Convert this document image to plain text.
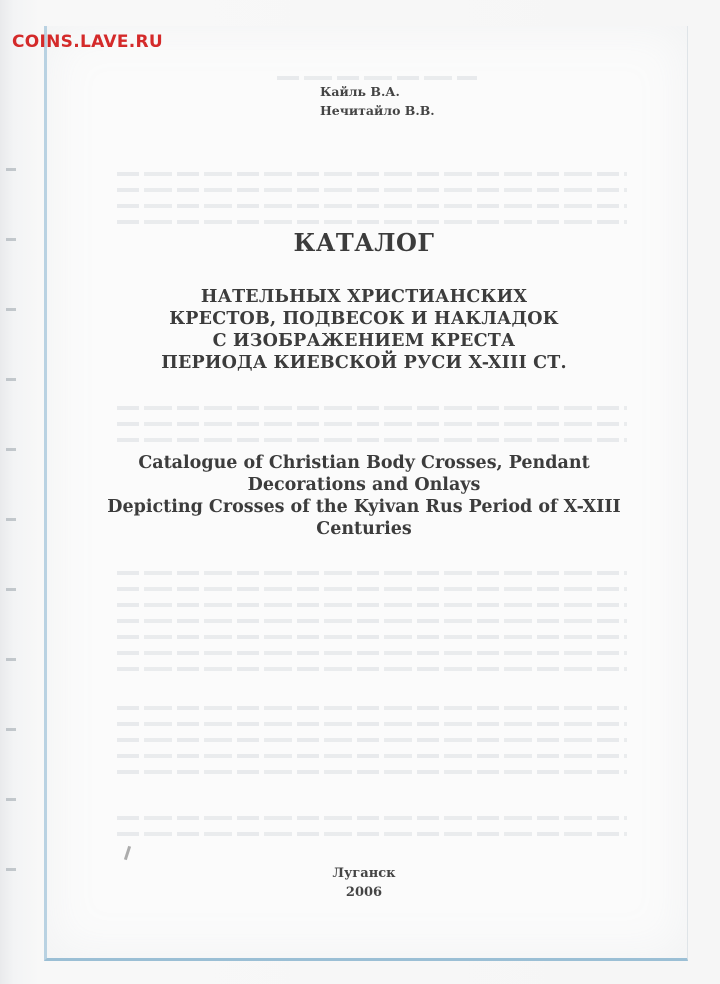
COINS.LAVE.RU
Кайль В.А.
Нечитайло В.В.
КАТАЛОГ
НАТЕЛЬНЫХ ХРИСТИАНСКИХ
КРЕСТОВ, ПОДВЕСОК И НАКЛАДОК
С ИЗОБРАЖЕНИЕМ КРЕСТА
ПЕРИОДА КИЕВСКОЙ РУСИ X-XIII СТ.
Catalogue of Christian Body Crosses, Pendant
Decorations and Onlays
Depicting Crosses of the Kyivan Rus Period of X-XIII
Centuries
Луганск
2006
